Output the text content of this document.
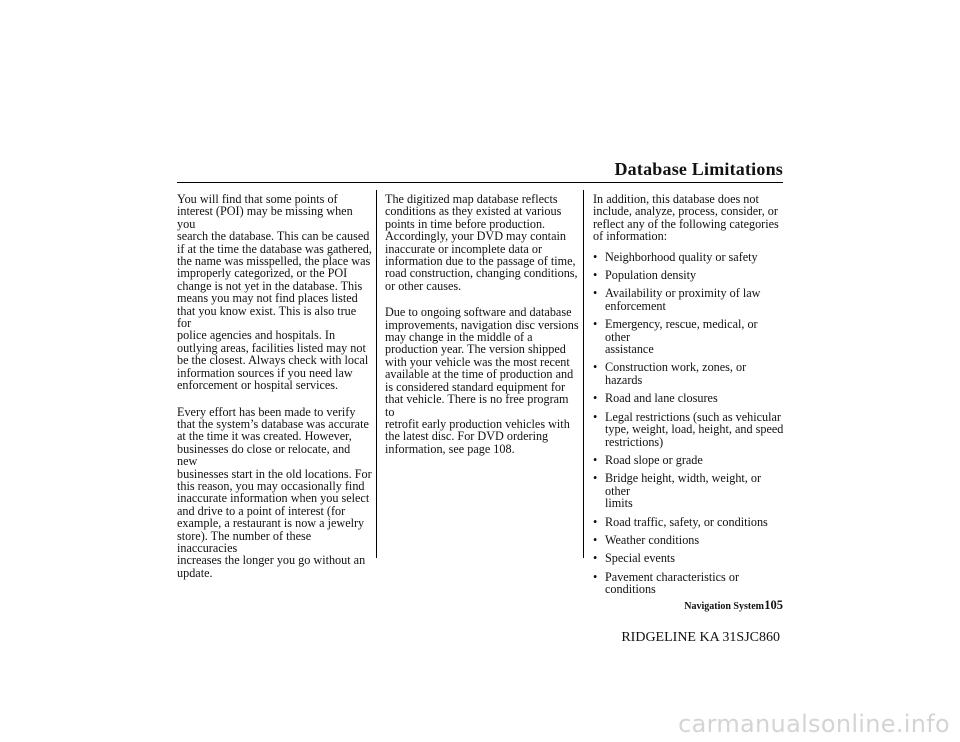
Database Limitations

You will find that some points of
interest (POI) may be missing when you
search the database. This can be caused
if at the time the database was gathered,
the name was misspelled, the place was
improperly categorized, or the POI
change is not yet in the database. This
means you may not find places listed
that you know exist. This is also true for
police agencies and hospitals. In
outlying areas, facilities listed may not
be the closest. Always check with local
information sources if you need law
enforcement or hospital services.

Every effort has been made to verify
that the system’s database was accurate
at the time it was created. However,
businesses do close or relocate, and new
businesses start in the old locations. For
this reason, you may occasionally find
inaccurate information when you select
and drive to a point of interest (for
example, a restaurant is now a jewelry
store). The number of these inaccuracies
increases the longer you go without an
update.

The digitized map database reflects
conditions as they existed at various
points in time before production.
Accordingly, your DVD may contain
inaccurate or incomplete data or
information due to the passage of time,
road construction, changing conditions,
or other causes.

Due to ongoing software and database
improvements, navigation disc versions
may change in the middle of a
production year. The version shipped
with your vehicle was the most recent
available at the time of production and
is considered standard equipment for
that vehicle. There is no free program to
retrofit early production vehicles with
the latest disc. For DVD ordering
information, see page 108.

In addition, this database does not
include, analyze, process, consider, or
reflect any of the following categories
of information:

• Neighborhood quality or safety
• Population density
• Availability or proximity of law
enforcement
• Emergency, rescue, medical, or other
assistance
• Construction work, zones, or hazards
• Road and lane closures
• Legal restrictions (such as vehicular
type, weight, load, height, and speed
restrictions)
• Road slope or grade
• Bridge height, width, weight, or other
limits
• Road traffic, safety, or conditions
• Weather conditions
• Special events
• Pavement characteristics or conditions
Navigation System 105
RIDGELINE KA 31SJC860
carmanualsonline.info
